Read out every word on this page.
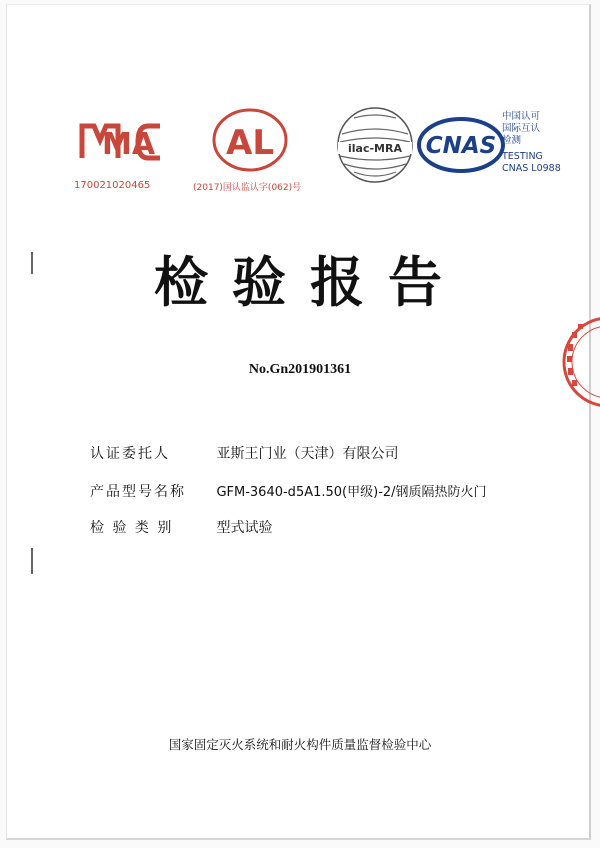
MA
170021020465
AL
(2017)国认监认字(062)号
ilac-MRA CNAS
中国认可
国际互认
检测
TESTING
CNAS L0988
检验报告
No.Gn201901361
认证委托人	亚斯王门业（天津）有限公司
产品型号名称 GFM-3640-d5A1.50(甲级)-2/钢质隔热防火门
检 验 类 别	型式试验
国家固定灭火系统和耐火构件质量监督检验中心
